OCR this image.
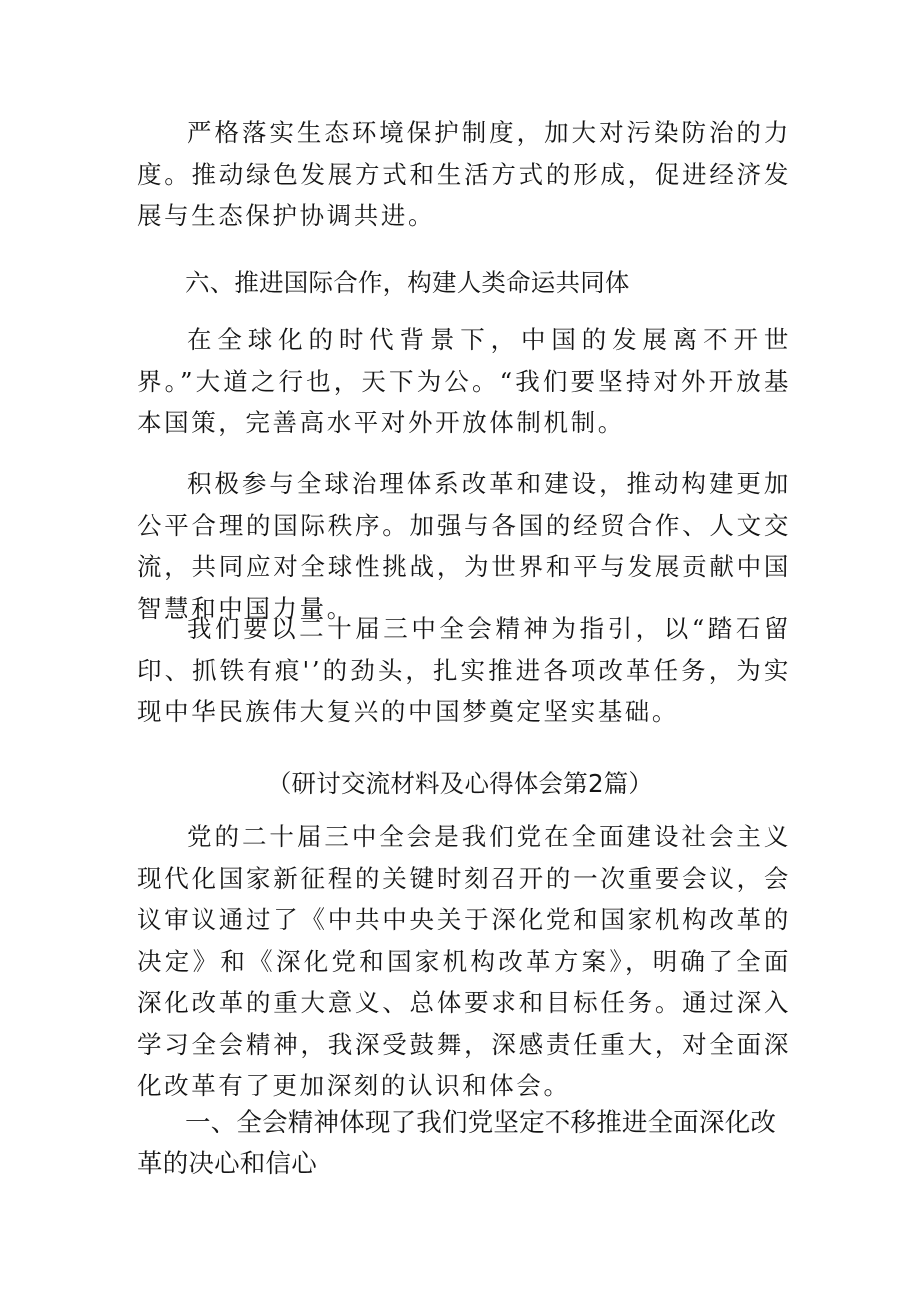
严格落实生态环境保护制度，加大对污染防治的力度。推动绿色发展方式和生活方式的形成，促进经济发展与生态保护协调共进。

六、推进国际合作，构建人类命运共同体

在全球化的时代背景下，中国的发展离不开世界。”大道之行也，天下为公。“我们要坚持对外开放基本国策，完善高水平对外开放体制机制。

积极参与全球治理体系改革和建设，推动构建更加公平合理的国际秩序。加强与各国的经贸合作、人文交流，共同应对全球性挑战，为世界和平与发展贡献中国智慧和中国力量。

我们要以二十届三中全会精神为指引，以“踏石留印、抓铁有痕'’的劲头，扎实推进各项改革任务，为实现中华民族伟大复兴的中国梦奠定坚实基础。

（研讨交流材料及心得体会第2篇）

党的二十届三中全会是我们党在全面建设社会主义现代化国家新征程的关键时刻召开的一次重要会议，会议审议通过了《中共中央关于深化党和国家机构改革的决定》和《深化党和国家机构改革方案》，明确了全面深化改革的重大意义、总体要求和目标任务。通过深入学习全会精神，我深受鼓舞，深感责任重大，对全面深化改革有了更加深刻的认识和体会。

一、全会精神体现了我们党坚定不移推进全面深化改革的决心和信心
